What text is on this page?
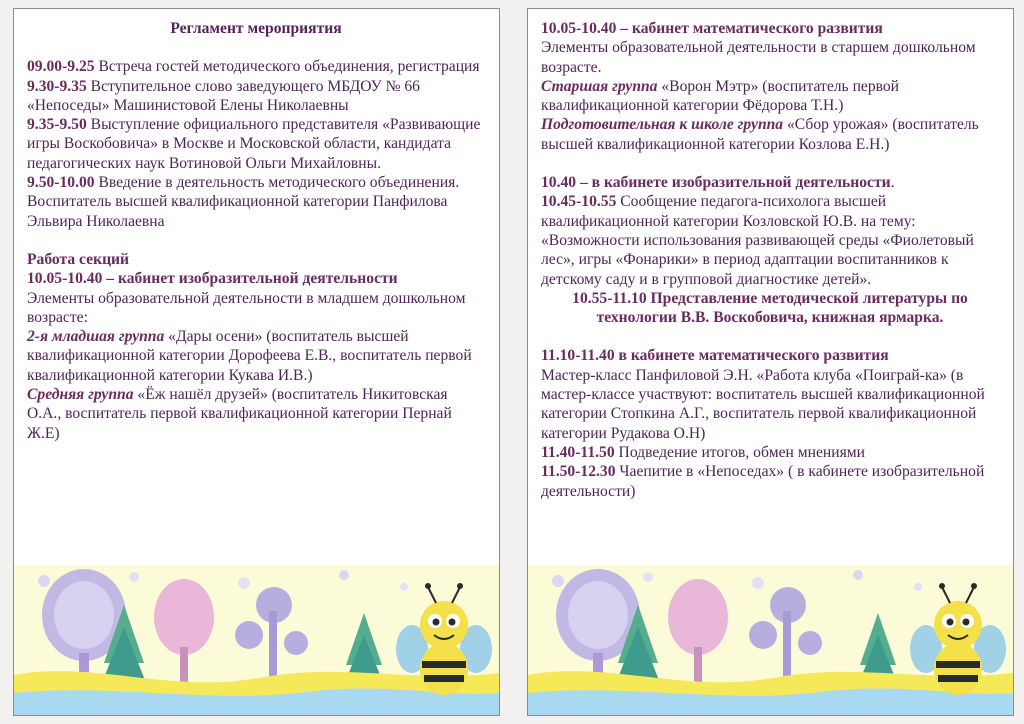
Регламент мероприятия

09.00-9.25 Встреча гостей методического объединения, регистрация

9.30-9.35 Вступительное слово заведующего МБДОУ № 66 «Непоседы» Машинистовой Елены Николаевны

9.35-9.50 Выступление официального представителя «Развивающие игры Воскобовича» в Москве и Московской области, кандидата педагогических наук Вотиновой Ольги Михайловны.

9.50-10.00 Введение в деятельность методического объединения. Воспитатель высшей квалификационной категории Панфилова Эльвира Николаевна

Работа секций

10.05-10.40 – кабинет изобразительной деятельности

Элементы образовательной деятельности в младшем дошкольном возрасте:

2-я младшая группа «Дары осени» (воспитатель высшей квалификационной категории Дорофеева Е.В., воспитатель первой квалификационной категории Кукава И.В.)

Средняя группа «Ёж нашёл друзей» (воспитатель Никитовская О.А., воспитатель первой квалификационной категории Пернай Ж.Е)

10.05-10.40 – кабинет математического развития

Элементы образовательной деятельности в старшем дошкольном возрасте.

Старшая группа «Ворон Мэтр» (воспитатель первой квалификационной категории Фёдорова Т.Н.)

Подготовительная к школе группа «Сбор урожая» (воспитатель высшей квалификационной категории Козлова Е.Н.)

10.40 – в кабинете изобразительной деятельности.

10.45-10.55 Сообщение педагога-психолога высшей квалификационной категории Козловской Ю.В. на тему: «Возможности использования развивающей среды «Фиолетовый лес», игры «Фонарики» в период адаптации воспитанников к детскому саду и в групповой диагностике детей».

10.55-11.10 Представление методической литературы по технологии В.В. Воскобовича, книжная ярмарка.

11.10-11.40 в кабинете математического развития

Мастер-класс Панфиловой Э.Н. «Работа клуба «Поиграй-ка» (в мастер-классе участвуют: воспитатель высшей квалификационной категории Стопкина А.Г., воспитатель первой квалификационной категории Рудакова О.Н)

11.40-11.50 Подведение итогов, обмен мнениями

11.50-12.30 Чаепитие в «Непоседах» ( в кабинете изобразительной деятельности)
